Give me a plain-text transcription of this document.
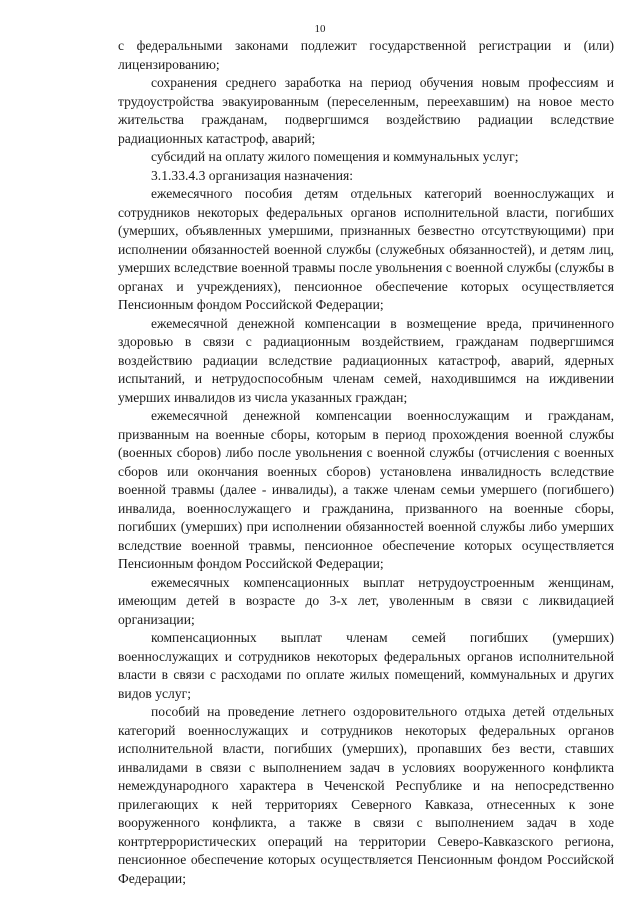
10

с федеральными законами подлежит государственной регистрации и (или) лицензированию;

сохранения среднего заработка на период обучения новым профессиям и трудоустройства эвакуированным (переселенным, переехавшим) на новое место жительства гражданам, подвергшимся воздействию радиации вследствие радиационных катастроф, аварий;

субсидий на оплату жилого помещения и коммунальных услуг;

3.1.33.4.3 организация назначения:

ежемесячного пособия детям отдельных категорий военнослужащих и сотрудников некоторых федеральных органов исполнительной власти, погибших (умерших, объявленных умершими, признанных безвестно отсутствующими) при исполнении обязанностей военной службы (служебных обязанностей), и детям лиц, умерших вследствие военной травмы после увольнения с военной службы (службы в органах и учреждениях), пенсионное обеспечение которых осуществляется Пенсионным фондом Российской Федерации;

ежемесячной денежной компенсации в возмещение вреда, причиненного здоровью в связи с радиационным воздействием, гражданам подвергшимся воздействию радиации вследствие радиационных катастроф, аварий, ядерных испытаний, и нетрудоспособным членам семей, находившимся на иждивении умерших инвалидов из числа указанных граждан;

ежемесячной денежной компенсации военнослужащим и гражданам, призванным на военные сборы, которым в период прохождения военной службы (военных сборов) либо после увольнения с военной службы (отчисления с военных сборов или окончания военных сборов) установлена инвалидность вследствие военной травмы (далее - инвалиды), а также членам семьи умершего (погибшего) инвалида, военнослужащего и гражданина, призванного на военные сборы, погибших (умерших) при исполнении обязанностей военной службы либо умерших вследствие военной травмы, пенсионное обеспечение которых осуществляется Пенсионным фондом Российской Федерации;

ежемесячных компенсационных выплат нетрудоустроенным женщинам, имеющим детей в возрасте до 3-х лет, уволенным в связи с ликвидацией организации;

компенсационных выплат членам семей погибших (умерших) военнослужащих и сотрудников некоторых федеральных органов исполнительной власти в связи с расходами по оплате жилых помещений, коммунальных и других видов услуг;

пособий на проведение летнего оздоровительного отдыха детей отдельных категорий военнослужащих и сотрудников некоторых федеральных органов исполнительной власти, погибших (умерших), пропавших без вести, ставших инвалидами в связи с выполнением задач в условиях вооруженного конфликта немеждународного характера в Чеченской Республике и на непосредственно прилегающих к ней территориях Северного Кавказа, отнесенных к зоне вооруженного конфликта, а также в связи с выполнением задач в ходе контртеррористических операций на территории Северо-Кавказского региона, пенсионное обеспечение которых осуществляется Пенсионным фондом Российской Федерации;
